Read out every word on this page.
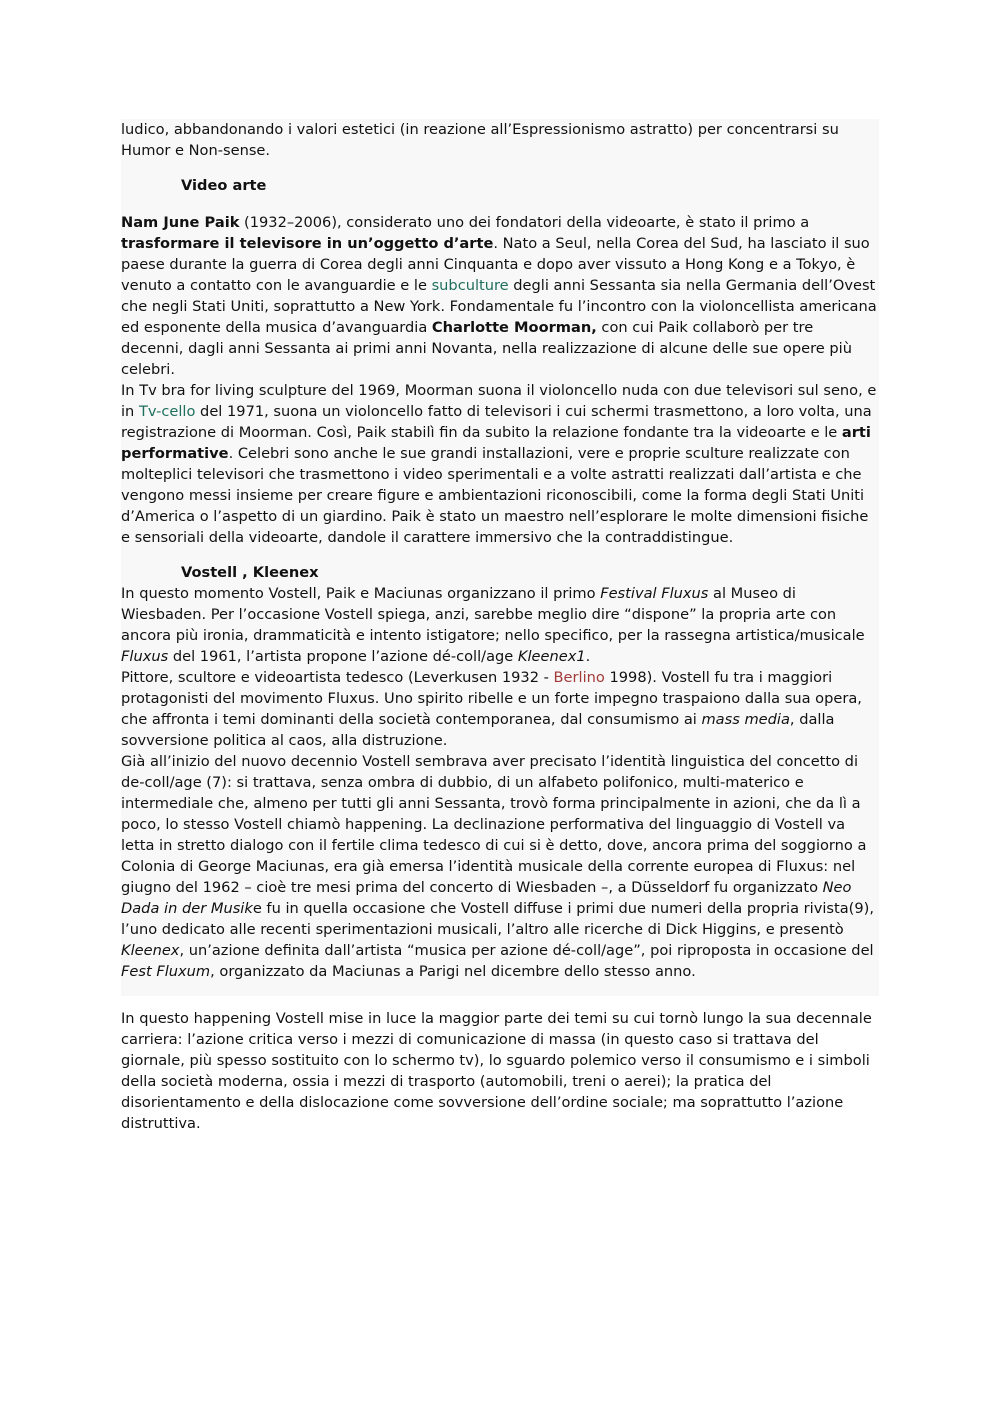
ludico, abbandonando i valori estetici (in reazione all’Espressionismo astratto) per concentrarsi su Humor e Non-sense.

Video arte

Nam June Paik (1932–2006), considerato uno dei fondatori della videoarte, è stato il primo a trasformare il televisore in un’oggetto d’arte. Nato a Seul, nella Corea del Sud, ha lasciato il suo paese durante la guerra di Corea degli anni Cinquanta e dopo aver vissuto a Hong Kong e a Tokyo, è venuto a contatto con le avanguardie e le subculture degli anni Sessanta sia nella Germania dell’Ovest che negli Stati Uniti, soprattutto a New York. Fondamentale fu l’incontro con la violoncellista americana ed esponente della musica d’avanguardia Charlotte Moorman, con cui Paik collaborò per tre decenni, dagli anni Sessanta ai primi anni Novanta, nella realizzazione di alcune delle sue opere più celebri.

In Tv bra for living sculpture del 1969, Moorman suona il violoncello nuda con due televisori sul seno, e in Tv-cello del 1971, suona un violoncello fatto di televisori i cui schermi trasmettono, a loro volta, una registrazione di Moorman. Così, Paik stabilì fin da subito la relazione fondante tra la videoarte e le arti performative. Celebri sono anche le sue grandi installazioni, vere e proprie sculture realizzate con molteplici televisori che trasmettono i video sperimentali e a volte astratti realizzati dall’artista e che vengono messi insieme per creare figure e ambientazioni riconoscibili, come la forma degli Stati Uniti d’America o l’aspetto di un giardino. Paik è stato un maestro nell’esplorare le molte dimensioni fisiche e sensoriali della videoarte, dandole il carattere immersivo che la contraddistingue.

Vostell , Kleenex

In questo momento Vostell, Paik e Maciunas organizzano il primo Festival Fluxus al Museo di Wiesbaden. Per l’occasione Vostell spiega, anzi, sarebbe meglio dire “dispone” la propria arte con ancora più ironia, drammaticità e intento istigatore; nello specifico, per la rassegna artistica/musicale Fluxus del 1961, l’artista propone l’azione dé-coll/age Kleenex1.

Pittore, scultore e videoartista tedesco (Leverkusen 1932 - Berlino 1998). Vostell fu tra i maggiori protagonisti del movimento Fluxus. Uno spirito ribelle e un forte impegno traspaiono dalla sua opera, che affronta i temi dominanti della società contemporanea, dal consumismo ai mass media, dalla sovversione politica al caos, alla distruzione.

Già all’inizio del nuovo decennio Vostell sembrava aver precisato l’identità linguistica del concetto di de-coll/age (7): si trattava, senza ombra di dubbio, di un alfabeto polifonico, multi-materico e intermediale che, almeno per tutti gli anni Sessanta, trovò forma principalmente in azioni, che da lì a poco, lo stesso Vostell chiamò happening. La declinazione performativa del linguaggio di Vostell va letta in stretto dialogo con il fertile clima tedesco di cui si è detto, dove, ancora prima del soggiorno a Colonia di George Maciunas, era già emersa l’identità musicale della corrente europea di Fluxus: nel giugno del 1962 – cioè tre mesi prima del concerto di Wiesbaden –, a Düsseldorf fu organizzato Neo Dada in der Musike fu in quella occasione che Vostell diffuse i primi due numeri della propria rivista(9), l’uno dedicato alle recenti sperimentazioni musicali, l’altro alle ricerche di Dick Higgins, e presentò Kleenex, un’azione definita dall’artista “musica per azione dé-coll/age”, poi riproposta in occasione del Fest Fluxum, organizzato da Maciunas a Parigi nel dicembre dello stesso anno.

In questo happening Vostell mise in luce la maggior parte dei temi su cui tornò lungo la sua decennale carriera: l’azione critica verso i mezzi di comunicazione di massa (in questo caso si trattava del giornale, più spesso sostituito con lo schermo tv), lo sguardo polemico verso il consumismo e i simboli della società moderna, ossia i mezzi di trasporto (automobili, treni o aerei); la pratica del disorientamento e della dislocazione come sovversione dell’ordine sociale; ma soprattutto l’azione distruttiva.
